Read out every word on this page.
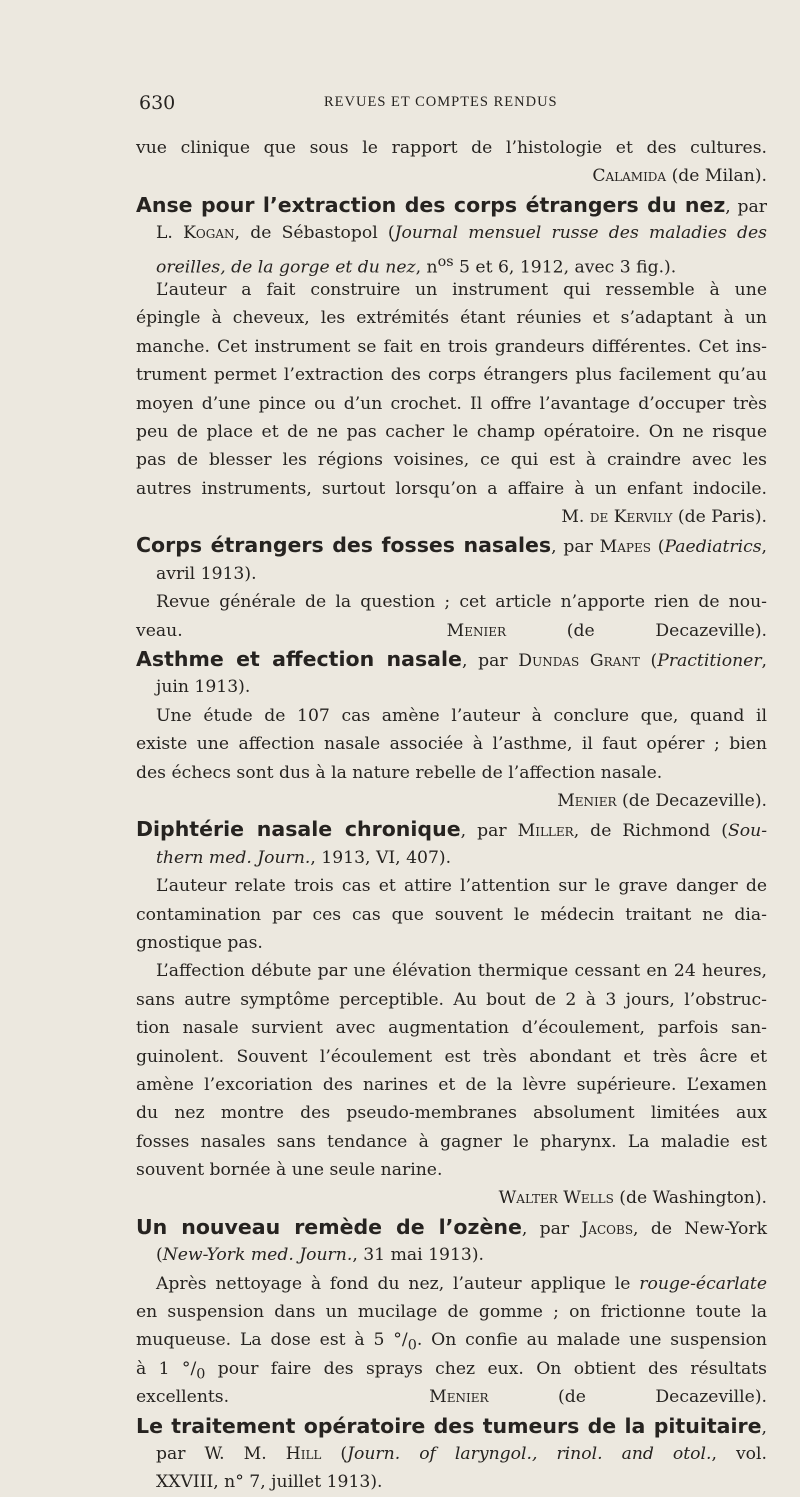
630	REVUES ET COMPTES RENDUS
vue clinique que sous le rapport de l’histologie et des cultures.
Calamida (de Milan).
Anse pour l’extraction des corps étrangers du nez, par
L. Kogan, de Sébastopol (Journal mensuel russe des maladies des
oreilles, de la gorge et du nez, $n^{os}$ 5 et 6, 1912, avec 3 fig.).
L’auteur a fait construire un instrument qui ressemble à une
épingle à cheveux, les extrémités étant réunies et s’adaptant à un
manche. Cet instrument se fait en trois grandeurs différentes. Cet ins-
trument permet l’extraction des corps étrangers plus facilement qu’au
moyen d’une pince ou d’un crochet. Il offre l’avantage d’occuper très
peu de place et de ne pas cacher le champ opératoire. On ne risque
pas de blesser les régions voisines, ce qui est à craindre avec les
autres instruments, surtout lorsqu’on a affaire à un enfant indocile.
M. de Kervily (de Paris).
Corps étrangers des fosses nasales, par Mapes (Paediatrics,
avril 1913).
Revue générale de la question ; cet article n’apporte rien de nou-
veau.	Menier (de Decazeville).
Asthme et affection nasale, par Dundas Grant (Practitioner,
juin 1913).
Une étude de 107 cas amène l’auteur à conclure que, quand il
existe une affection nasale associée à l’asthme, il faut opérer ; bien
des échecs sont dus à la nature rebelle de l’affection nasale.
Menier (de Decazeville).
Diphtérie nasale chronique, par Miller, de Richmond (Sou-
thern med. Journ., 1913, VI, 407).
L’auteur relate trois cas et attire l’attention sur le grave danger de
contamination par ces cas que souvent le médecin traitant ne dia-
gnostique pas.
L’affection débute par une élévation thermique cessant en 24 heures,
sans autre symptôme perceptible. Au bout de 2 à 3 jours, l’obstruc-
tion nasale survient avec augmentation d’écoulement, parfois san-
guinolent. Souvent l’écoulement est très abondant et très âcre et
amène l’excoriation des narines et de la lèvre supérieure. L’examen
du nez montre des pseudo-membranes absolument limitées aux
fosses nasales sans tendance à gagner le pharynx. La maladie est
souvent bornée à une seule narine.
Walter Wells (de Washington).
Un nouveau remède de l’ozène, par Jacobs, de New-York
(New-York med. Journ., 31 mai 1913).
Après nettoyage à fond du nez, l’auteur applique le rouge-écarlate
en suspension dans un mucilage de gomme ; on frictionne toute la
muqueuse. La dose est à 5 $^\circ/_0$. On confie au malade une suspension
à 1 $^\circ/_0$ pour faire des sprays chez eux. On obtient des résultats
excellents.	Menier (de Decazeville).
Le traitement opératoire des tumeurs de la pituitaire,
par W. M. Hill (Journ. of laryngol., rinol. and otol., vol.
XXVIII, n° 7, juillet 1913).
